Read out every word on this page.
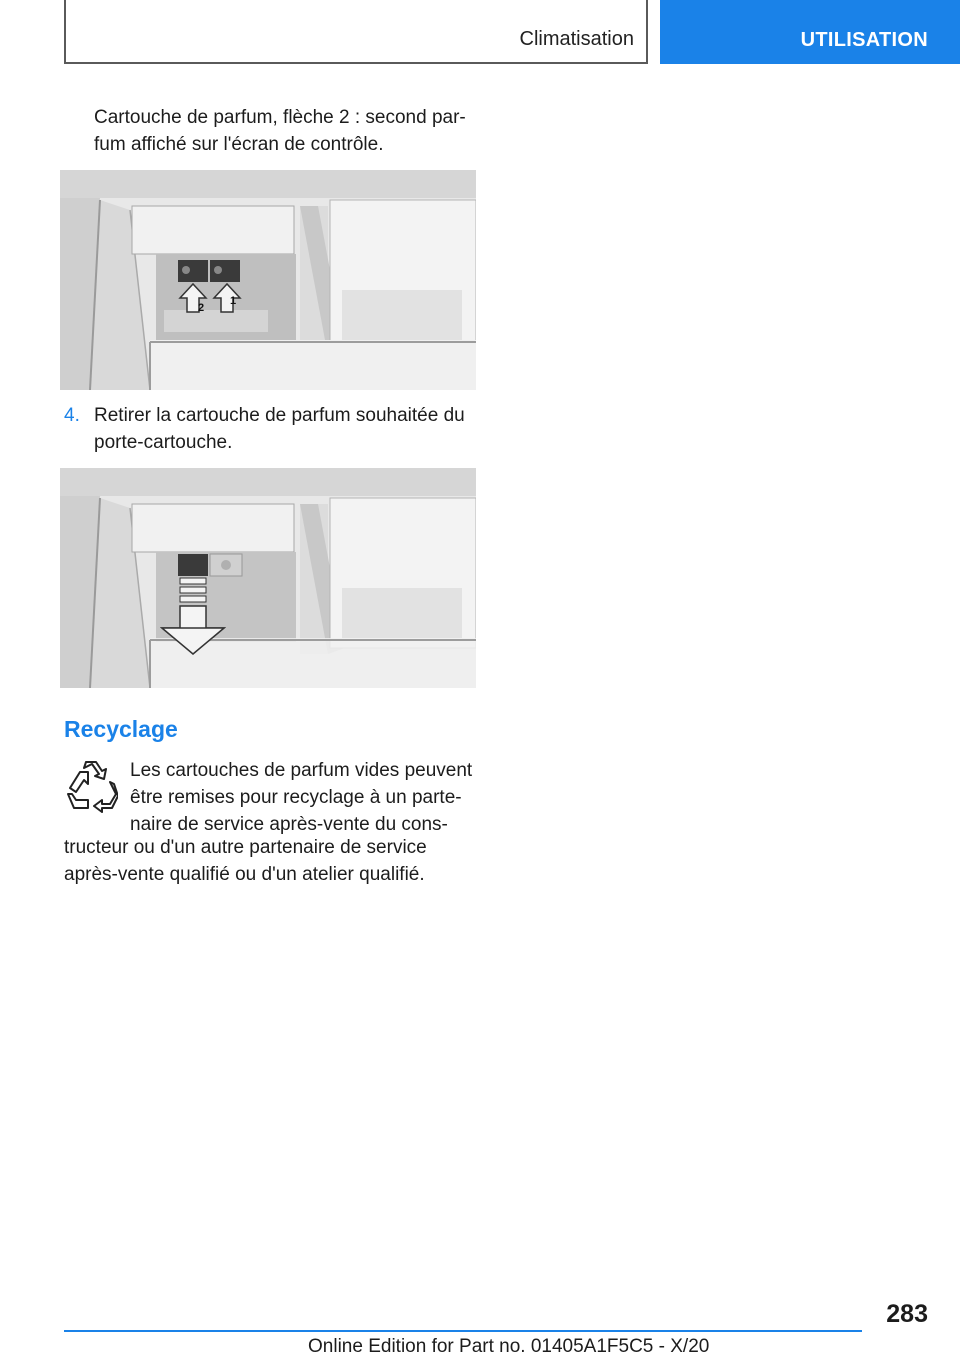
Climatisation	UTILISATION
Cartouche de parfum, flèche 2 : second par-
fum affiché sur l'écran de contrôle.
2
1
4. Retirer la cartouche de parfum souhaitée du
porte-cartouche.
Recyclage
Les cartouches de parfum vides peuvent
être remises pour recyclage à un parte-
naire de service après-vente du cons-
tructeur ou d'un autre partenaire de service
après-vente qualifié ou d'un atelier qualifié.
283
Online Edition for Part no. 01405A1F5C5 - X/20
